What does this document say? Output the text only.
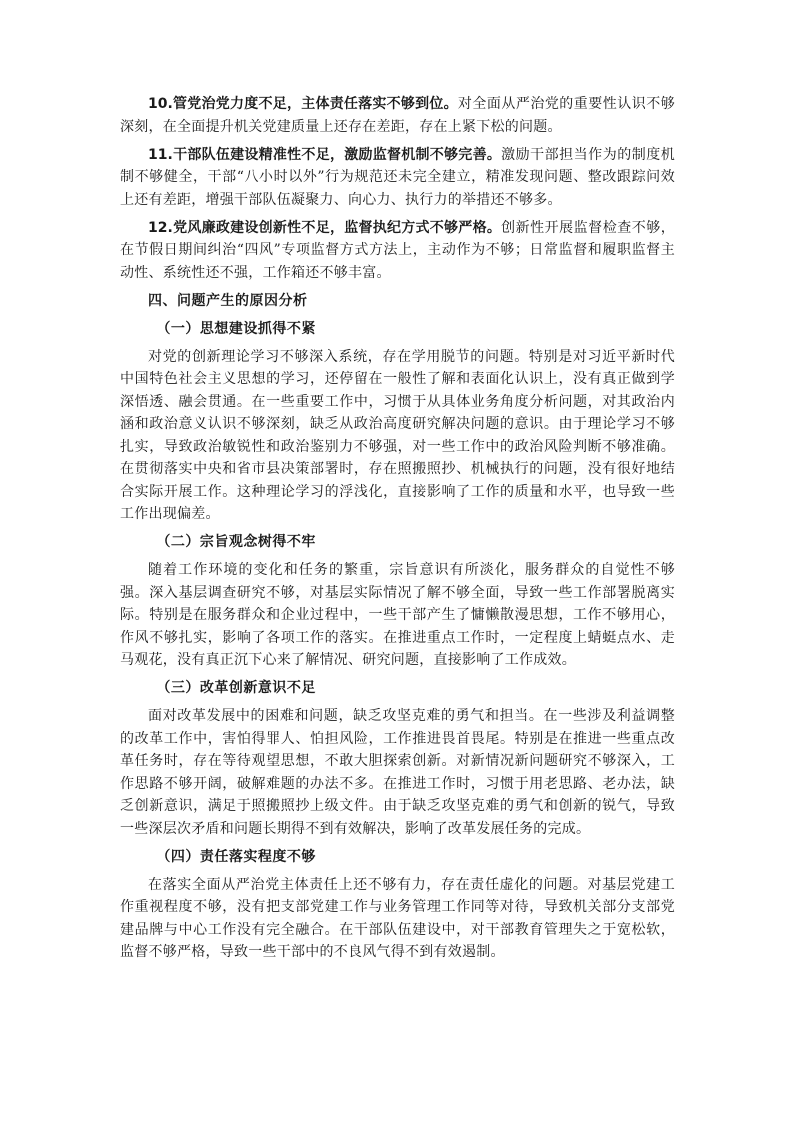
10.管党治党力度不足，主体责任落实不够到位。对全面从严治党的重要性认识不够深刻，在全面提升机关党建质量上还存在差距，存在上紧下松的问题。

11.干部队伍建设精准性不足，激励监督机制不够完善。激励干部担当作为的制度机制不够健全，干部“八小时以外”行为规范还未完全建立，精准发现问题、整改跟踪问效上还有差距，增强干部队伍凝聚力、向心力、执行力的举措还不够多。

12.党风廉政建设创新性不足，监督执纪方式不够严格。创新性开展监督检查不够，在节假日期间纠治“四风”专项监督方式方法上，主动作为不够；日常监督和履职监督主动性、系统性还不强，工作箱还不够丰富。

四、问题产生的原因分析
（一）思想建设抓得不紧

对党的创新理论学习不够深入系统，存在学用脱节的问题。特别是对习近平新时代中国特色社会主义思想的学习，还停留在一般性了解和表面化认识上，没有真正做到学深悟透、融会贯通。在一些重要工作中，习惯于从具体业务角度分析问题，对其政治内涵和政治意义认识不够深刻，缺乏从政治高度研究解决问题的意识。由于理论学习不够扎实，导致政治敏锐性和政治鉴别力不够强，对一些工作中的政治风险判断不够准确。在贯彻落实中央和省市县决策部署时，存在照搬照抄、机械执行的问题，没有很好地结合实际开展工作。这种理论学习的浮浅化，直接影响了工作的质量和水平，也导致一些工作出现偏差。

（二）宗旨观念树得不牢

随着工作环境的变化和任务的繁重，宗旨意识有所淡化，服务群众的自觉性不够强。深入基层调查研究不够，对基层实际情况了解不够全面，导致一些工作部署脱离实际。特别是在服务群众和企业过程中，一些干部产生了慵懒散漫思想，工作不够用心，作风不够扎实，影响了各项工作的落实。在推进重点工作时，一定程度上蜻蜓点水、走马观花，没有真正沉下心来了解情况、研究问题，直接影响了工作成效。

（三）改革创新意识不足

面对改革发展中的困难和问题，缺乏攻坚克难的勇气和担当。在一些涉及利益调整的改革工作中，害怕得罪人、怕担风险，工作推进畏首畏尾。特别是在推进一些重点改革任务时，存在等待观望思想，不敢大胆探索创新。对新情况新问题研究不够深入，工作思路不够开阔，破解难题的办法不多。在推进工作时，习惯于用老思路、老办法，缺乏创新意识，满足于照搬照抄上级文件。由于缺乏攻坚克难的勇气和创新的锐气，导致一些深层次矛盾和问题长期得不到有效解决，影响了改革发展任务的完成。

（四）责任落实程度不够

在落实全面从严治党主体责任上还不够有力，存在责任虚化的问题。对基层党建工作重视程度不够，没有把支部党建工作与业务管理工作同等对待，导致机关部分支部党建品牌与中心工作没有完全融合。在干部队伍建设中，对干部教育管理失之于宽松软，监督不够严格，导致一些干部中的不良风气得不到有效遏制。
